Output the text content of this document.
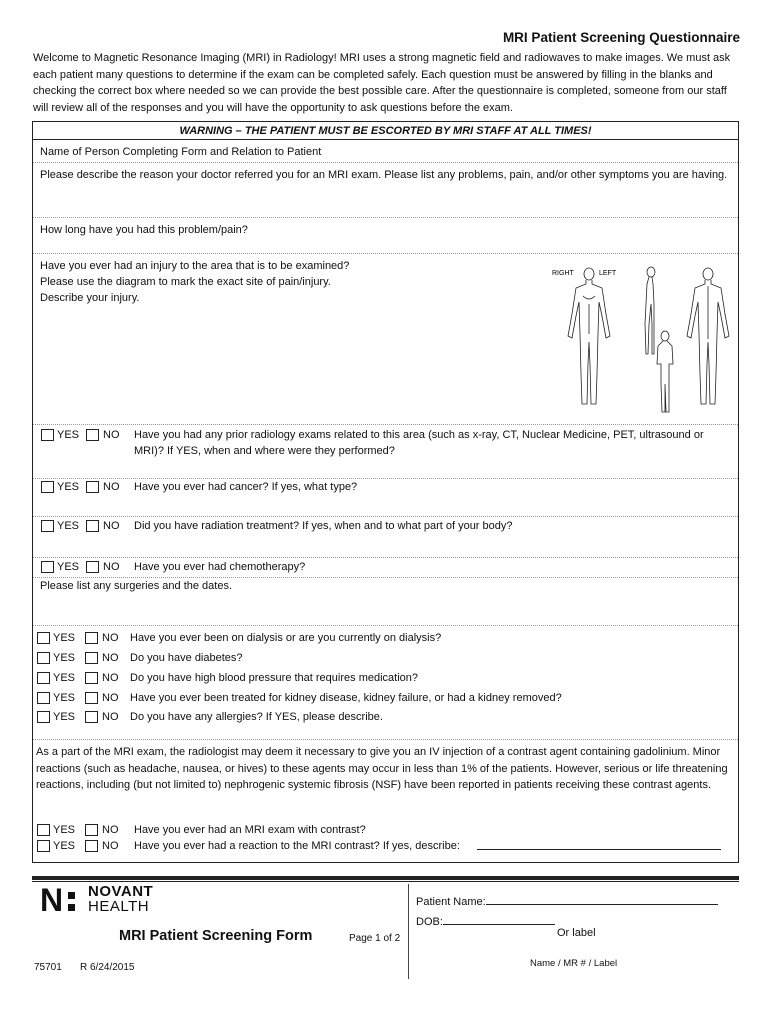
MRI Patient Screening Questionnaire
Welcome to Magnetic Resonance Imaging (MRI) in Radiology! MRI uses a strong magnetic field and radiowaves to make images. We must ask each patient many questions to determine if the exam can be completed safely. Each question must be answered by filling in the blanks and checking the correct box where needed so we can provide the best possible care. After the questionnaire is completed, someone from our staff will review all of the responses and you will have the opportunity to ask questions before the exam.
WARNING – THE PATIENT MUST BE ESCORTED BY MRI STAFF AT ALL TIMES!
Name of Person Completing Form and Relation to Patient
Please describe the reason your doctor referred you for an MRI exam. Please list any problems, pain, and/or other symptoms you are having.
How long have you had this problem/pain?
Have you ever had an injury to the area that is to be examined?
Please use the diagram to mark the exact site of pain/injury.
Describe your injury.
RIGHT	LEFT
YES NO Have you had any prior radiology exams related to this area (such as x-ray, CT, Nuclear Medicine, PET, ultrasound or MRI)? If YES, when and where were they performed?
YES NO Have you ever had cancer? If yes, what type?
YES NO Did you have radiation treatment? If yes, when and to what part of your body?
YES NO Have you ever had chemotherapy?
Please list any surgeries and the dates.
YES NO Have you ever been on dialysis or are you currently on dialysis?
YES NO Do you have diabetes?
YES NO Do you have high blood pressure that requires medication?
YES NO Have you ever been treated for kidney disease, kidney failure, or had a kidney removed?
YES NO Do you have any allergies? If YES, please describe.
As a part of the MRI exam, the radiologist may deem it necessary to give you an IV injection of a contrast agent containing gadolinium. Minor reactions (such as headache, nausea, or hives) to these agents may occur in less than 1% of the patients. However, serious or life threatening reactions, including (but not limited to) nephrogenic systemic fibrosis (NSF) have been reported in patients receiving these contrast agents.
YES NO Have you ever had an MRI exam with contrast?
YES NO Have you ever had a reaction to the MRI contrast? If yes, describe:
N NOVANT
HEALTH
MRI Patient Screening Form	Page 1 of 2
75701 R 6/24/2015
Patient Name:
DOB:
Or label
Name / MR # / Label
